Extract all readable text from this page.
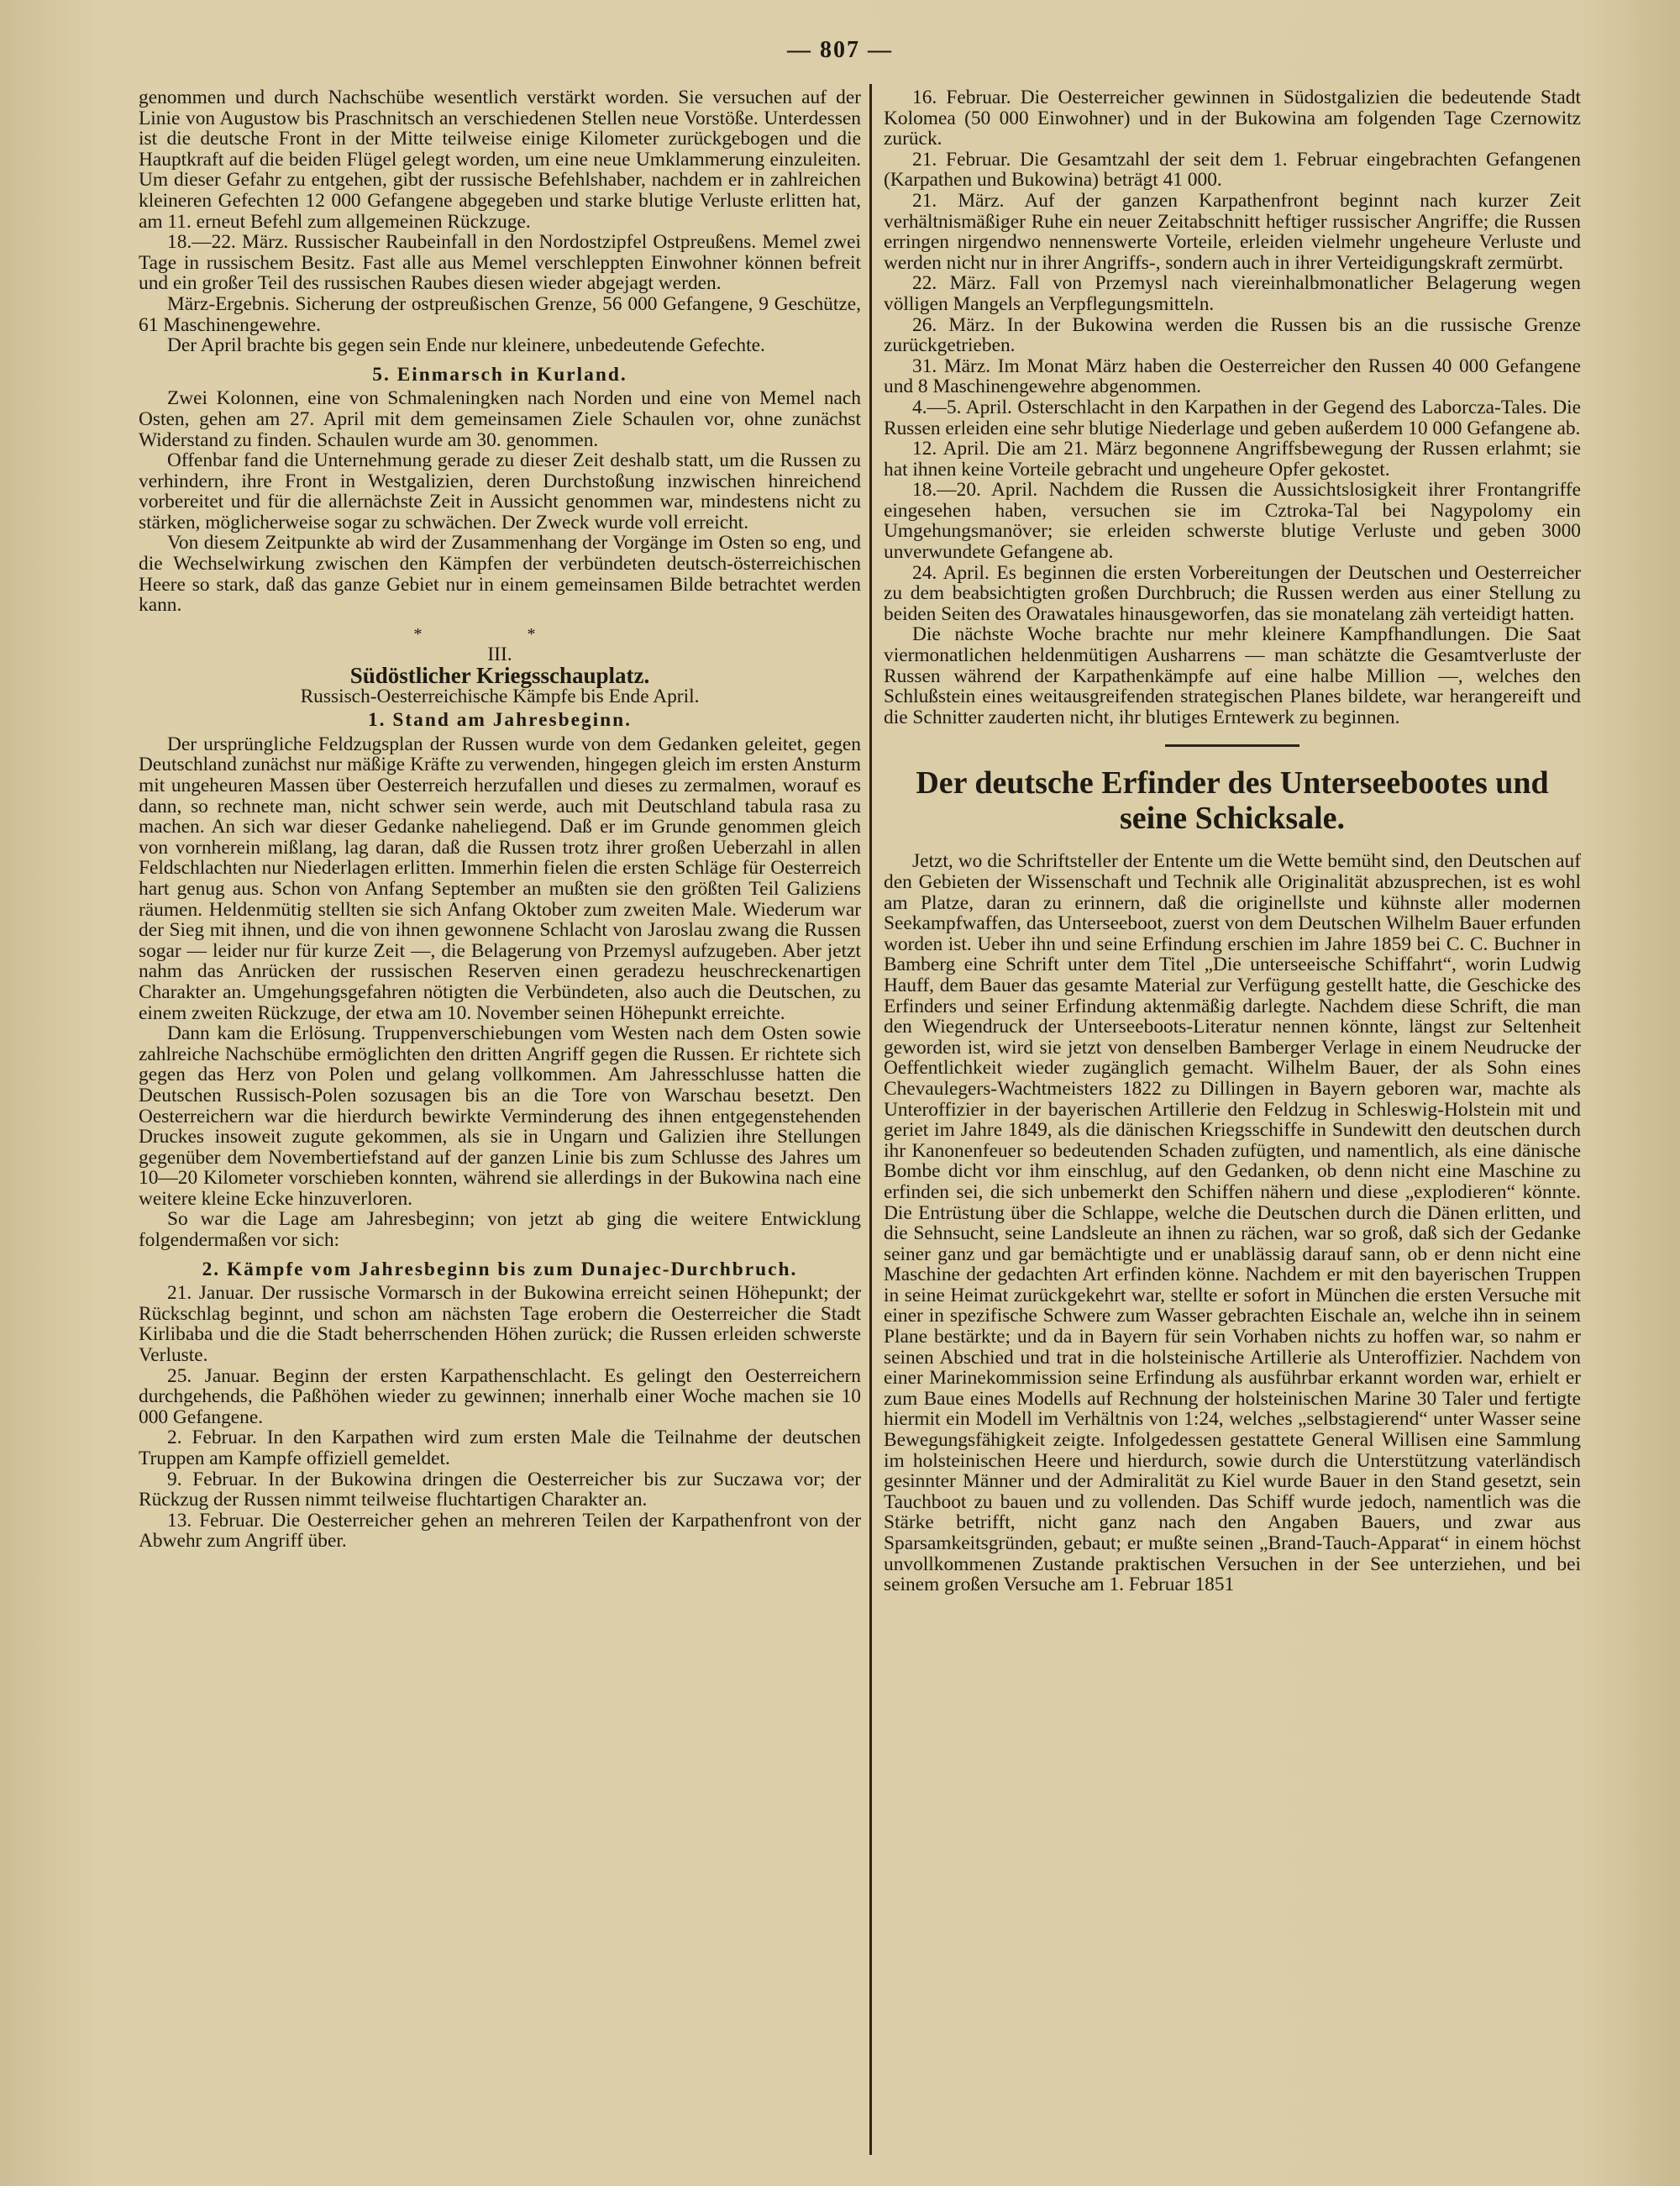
— 807 —

genommen und durch Nachschübe wesentlich verstärkt worden. Sie versuchen auf der Linie von Augustow bis Praschnitsch an verschiedenen Stellen neue Vorstöße. Unterdessen ist die deutsche Front in der Mitte teilweise einige Kilometer zurückgebogen und die Hauptkraft auf die beiden Flügel gelegt worden, um eine neue Umklammerung einzuleiten. Um dieser Gefahr zu entgehen, gibt der russische Befehlshaber, nachdem er in zahlreichen kleineren Gefechten 12 000 Gefangene abgegeben und starke blutige Verluste erlitten hat, am 11. erneut Befehl zum allgemeinen Rückzuge.

18.—22. März. Russischer Raubeinfall in den Nordostzipfel Ostpreußens. Memel zwei Tage in russischem Besitz. Fast alle aus Memel verschleppten Einwohner können befreit und ein großer Teil des russischen Raubes diesen wieder abgejagt werden.

März-Ergebnis. Sicherung der ostpreußischen Grenze, 56 000 Gefangene, 9 Geschütze, 61 Maschinengewehre.

Der April brachte bis gegen sein Ende nur kleinere, unbedeutende Gefechte.

5. Einmarsch in Kurland.

Zwei Kolonnen, eine von Schmaleningken nach Norden und eine von Memel nach Osten, gehen am 27. April mit dem gemeinsamen Ziele Schaulen vor, ohne zunächst Widerstand zu finden. Schaulen wurde am 30. genommen.

Offenbar fand die Unternehmung gerade zu dieser Zeit deshalb statt, um die Russen zu verhindern, ihre Front in Westgalizien, deren Durchstoßung inzwischen hinreichend vorbereitet und für die allernächste Zeit in Aussicht genommen war, mindestens nicht zu stärken, möglicherweise sogar zu schwächen. Der Zweck wurde voll erreicht.

Von diesem Zeitpunkte ab wird der Zusammenhang der Vorgänge im Osten so eng, und die Wechselwirkung zwischen den Kämpfen der verbündeten deutsch-österreichischen Heere so stark, daß das ganze Gebiet nur in einem gemeinsamen Bilde betrachtet werden kann.

* *

III.

Südöstlicher Kriegsschauplatz.

Russisch-Oesterreichische Kämpfe bis Ende April.

1. Stand am Jahresbeginn.

Der ursprüngliche Feldzugsplan der Russen wurde von dem Gedanken geleitet, gegen Deutschland zunächst nur mäßige Kräfte zu verwenden, hingegen gleich im ersten Ansturm mit ungeheuren Massen über Oesterreich herzufallen und dieses zu zermalmen, worauf es dann, so rechnete man, nicht schwer sein werde, auch mit Deutschland tabula rasa zu machen. An sich war dieser Gedanke naheliegend. Daß er im Grunde genommen gleich von vornherein mißlang, lag daran, daß die Russen trotz ihrer großen Ueberzahl in allen Feldschlachten nur Niederlagen erlitten. Immerhin fielen die ersten Schläge für Oesterreich hart genug aus. Schon von Anfang September an mußten sie den größten Teil Galiziens räumen. Heldenmütig stellten sie sich Anfang Oktober zum zweiten Male. Wiederum war der Sieg mit ihnen, und die von ihnen gewonnene Schlacht von Jaroslau zwang die Russen sogar — leider nur für kurze Zeit —, die Belagerung von Przemysl aufzugeben. Aber jetzt nahm das Anrücken der russischen Reserven einen geradezu heuschreckenartigen Charakter an. Umgehungsgefahren nötigten die Verbündeten, also auch die Deutschen, zu einem zweiten Rückzuge, der etwa am 10. November seinen Höhepunkt erreichte.

Dann kam die Erlösung. Truppenverschiebungen vom Westen nach dem Osten sowie zahlreiche Nachschübe ermöglichten den dritten Angriff gegen die Russen. Er richtete sich gegen das Herz von Polen und gelang vollkommen. Am Jahresschlusse hatten die Deutschen Russisch-Polen sozusagen bis an die Tore von Warschau besetzt. Den Oesterreichern war die hierdurch bewirkte Verminderung des ihnen entgegenstehenden Druckes insoweit zugute gekommen, als sie in Ungarn und Galizien ihre Stellungen gegenüber dem Novembertiefstand auf der ganzen Linie bis zum Schlusse des Jahres um 10—20 Kilometer vorschieben konnten, während sie allerdings in der Bukowina nach eine weitere kleine Ecke hinzuverloren.

So war die Lage am Jahresbeginn; von jetzt ab ging die weitere Entwicklung folgendermaßen vor sich:

2. Kämpfe vom Jahresbeginn bis zum Dunajec-Durchbruch.

21. Januar. Der russische Vormarsch in der Bukowina erreicht seinen Höhepunkt; der Rückschlag beginnt, und schon am nächsten Tage erobern die Oesterreicher die Stadt Kirlibaba und die die Stadt beherrschenden Höhen zurück; die Russen erleiden schwerste Verluste.

25. Januar. Beginn der ersten Karpathenschlacht. Es gelingt den Oesterreichern durchgehends, die Paßhöhen wieder zu gewinnen; innerhalb einer Woche machen sie 10 000 Gefangene.

2. Februar. In den Karpathen wird zum ersten Male die Teilnahme der deutschen Truppen am Kampfe offiziell gemeldet.

9. Februar. In der Bukowina dringen die Oesterreicher bis zur Suczawa vor; der Rückzug der Russen nimmt teilweise fluchtartigen Charakter an.

13. Februar. Die Oesterreicher gehen an mehreren Teilen der Karpathenfront von der Abwehr zum Angriff über.

16. Februar. Die Oesterreicher gewinnen in Südostgalizien die bedeutende Stadt Kolomea (50 000 Einwohner) und in der Bukowina am folgenden Tage Czernowitz zurück.

21. Februar. Die Gesamtzahl der seit dem 1. Februar eingebrachten Gefangenen (Karpathen und Bukowina) beträgt 41 000.

21. März. Auf der ganzen Karpathenfront beginnt nach kurzer Zeit verhältnismäßiger Ruhe ein neuer Zeitabschnitt heftiger russischer Angriffe; die Russen erringen nirgendwo nennenswerte Vorteile, erleiden vielmehr ungeheure Verluste und werden nicht nur in ihrer Angriffs-, sondern auch in ihrer Verteidigungskraft zermürbt.

22. März. Fall von Przemysl nach viereinhalbmonatlicher Belagerung wegen völligen Mangels an Verpflegungsmitteln.

26. März. In der Bukowina werden die Russen bis an die russische Grenze zurückgetrieben.

31. März. Im Monat März haben die Oesterreicher den Russen 40 000 Gefangene und 8 Maschinengewehre abgenommen.

4.—5. April. Osterschlacht in den Karpathen in der Gegend des Laborcza-Tales. Die Russen erleiden eine sehr blutige Niederlage und geben außerdem 10 000 Gefangene ab.

12. April. Die am 21. März begonnene Angriffsbewegung der Russen erlahmt; sie hat ihnen keine Vorteile gebracht und ungeheure Opfer gekostet.

18.—20. April. Nachdem die Russen die Aussichtslosigkeit ihrer Frontangriffe eingesehen haben, versuchen sie im Cztroka-Tal bei Nagypolomy ein Umgehungsmanöver; sie erleiden schwerste blutige Verluste und geben 3000 unverwundete Gefangene ab.

24. April. Es beginnen die ersten Vorbereitungen der Deutschen und Oesterreicher zu dem beabsichtigten großen Durchbruch; die Russen werden aus einer Stellung zu beiden Seiten des Orawatales hinausgeworfen, das sie monatelang zäh verteidigt hatten.

Die nächste Woche brachte nur mehr kleinere Kampfhandlungen. Die Saat viermonatlichen heldenmütigen Ausharrens — man schätzte die Gesamtverluste der Russen während der Karpathenkämpfe auf eine halbe Million —, welches den Schlußstein eines weitausgreifenden strategischen Planes bildete, war herangereift und die Schnitter zauderten nicht, ihr blutiges Erntewerk zu beginnen.

Der deutsche Erfinder des Unterseebootes und seine Schicksale.

Jetzt, wo die Schriftsteller der Entente um die Wette bemüht sind, den Deutschen auf den Gebieten der Wissenschaft und Technik alle Originalität abzusprechen, ist es wohl am Platze, daran zu erinnern, daß die originellste und kühnste aller modernen Seekampfwaffen, das Unterseeboot, zuerst von dem Deutschen Wilhelm Bauer erfunden worden ist. Ueber ihn und seine Erfindung erschien im Jahre 1859 bei C. C. Buchner in Bamberg eine Schrift unter dem Titel „Die unterseeische Schiffahrt“, worin Ludwig Hauff, dem Bauer das gesamte Material zur Verfügung gestellt hatte, die Geschicke des Erfinders und seiner Erfindung aktenmäßig darlegte. Nachdem diese Schrift, die man den Wiegendruck der Unterseeboots-Literatur nennen könnte, längst zur Seltenheit geworden ist, wird sie jetzt von denselben Bamberger Verlage in einem Neudrucke der Oeffentlichkeit wieder zugänglich gemacht. Wilhelm Bauer, der als Sohn eines Chevaulegers-Wachtmeisters 1822 zu Dillingen in Bayern geboren war, machte als Unteroffizier in der bayerischen Artillerie den Feldzug in Schleswig-Holstein mit und geriet im Jahre 1849, als die dänischen Kriegsschiffe in Sundewitt den deutschen durch ihr Kanonenfeuer so bedeutenden Schaden zufügten, und namentlich, als eine dänische Bombe dicht vor ihm einschlug, auf den Gedanken, ob denn nicht eine Maschine zu erfinden sei, die sich unbemerkt den Schiffen nähern und diese „explodieren“ könnte. Die Entrüstung über die Schlappe, welche die Deutschen durch die Dänen erlitten, und die Sehnsucht, seine Landsleute an ihnen zu rächen, war so groß, daß sich der Gedanke seiner ganz und gar bemächtigte und er unablässig darauf sann, ob er denn nicht eine Maschine der gedachten Art erfinden könne. Nachdem er mit den bayerischen Truppen in seine Heimat zurückgekehrt war, stellte er sofort in München die ersten Versuche mit einer in spezifische Schwere zum Wasser gebrachten Eischale an, welche ihn in seinem Plane bestärkte; und da in Bayern für sein Vorhaben nichts zu hoffen war, so nahm er seinen Abschied und trat in die holsteinische Artillerie als Unteroffizier. Nachdem von einer Marinekommission seine Erfindung als ausführbar erkannt worden war, erhielt er zum Baue eines Modells auf Rechnung der holsteinischen Marine 30 Taler und fertigte hiermit ein Modell im Verhältnis von 1:24, welches „selbstagierend“ unter Wasser seine Bewegungsfähigkeit zeigte. Infolgedessen gestattete General Willisen eine Sammlung im holsteinischen Heere und hierdurch, sowie durch die Unterstützung vaterländisch gesinnter Männer und der Admiralität zu Kiel wurde Bauer in den Stand gesetzt, sein Tauchboot zu bauen und zu vollenden. Das Schiff wurde jedoch, namentlich was die Stärke betrifft, nicht ganz nach den Angaben Bauers, und zwar aus Sparsamkeitsgründen, gebaut; er mußte seinen „Brand-Tauch-Apparat“ in einem höchst unvollkommenen Zustande praktischen Versuchen in der See unterziehen, und bei seinem großen Versuche am 1. Februar 1851
